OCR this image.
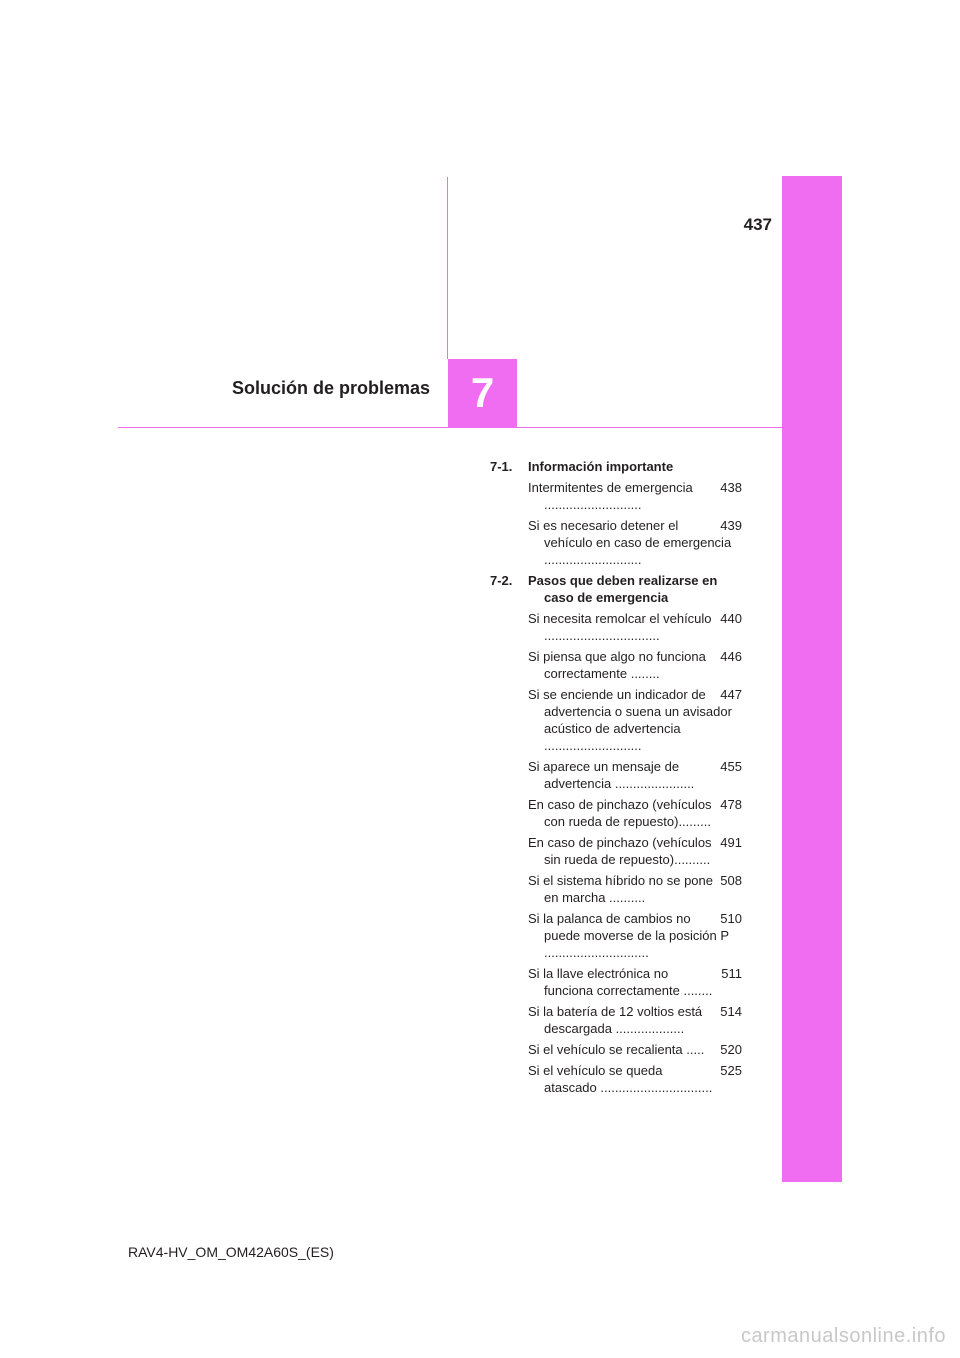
437
Solución de problemas 7
7-1.	Información importante
438
Intermitentes de emergencia ...........................
439
Si es necesario detener el vehículo en caso de emergencia ...........................
7-2.	Pasos que deben realizarse en caso de emergencia
440
Si necesita remolcar el vehículo ................................
446
Si piensa que algo no funciona correctamente ........
447
Si se enciende un indicador de advertencia o suena un avisador acústico de advertencia ...........................
455
Si aparece un mensaje de advertencia ......................
478
En caso de pinchazo (vehículos con rueda de repuesto).........
491
En caso de pinchazo (vehículos sin rueda de repuesto)..........
508
Si el sistema híbrido no se pone en marcha ..........
510
Si la palanca de cambios no puede moverse de la posición P .............................
511
Si la llave electrónica no funciona correctamente ........
514
Si la batería de 12 voltios está descargada ...................
520
Si el vehículo se recalienta .....
525
Si el vehículo se queda atascado ...............................
RAV4-HV_OM_OM42A60S_(ES)
carmanualsonline.info
